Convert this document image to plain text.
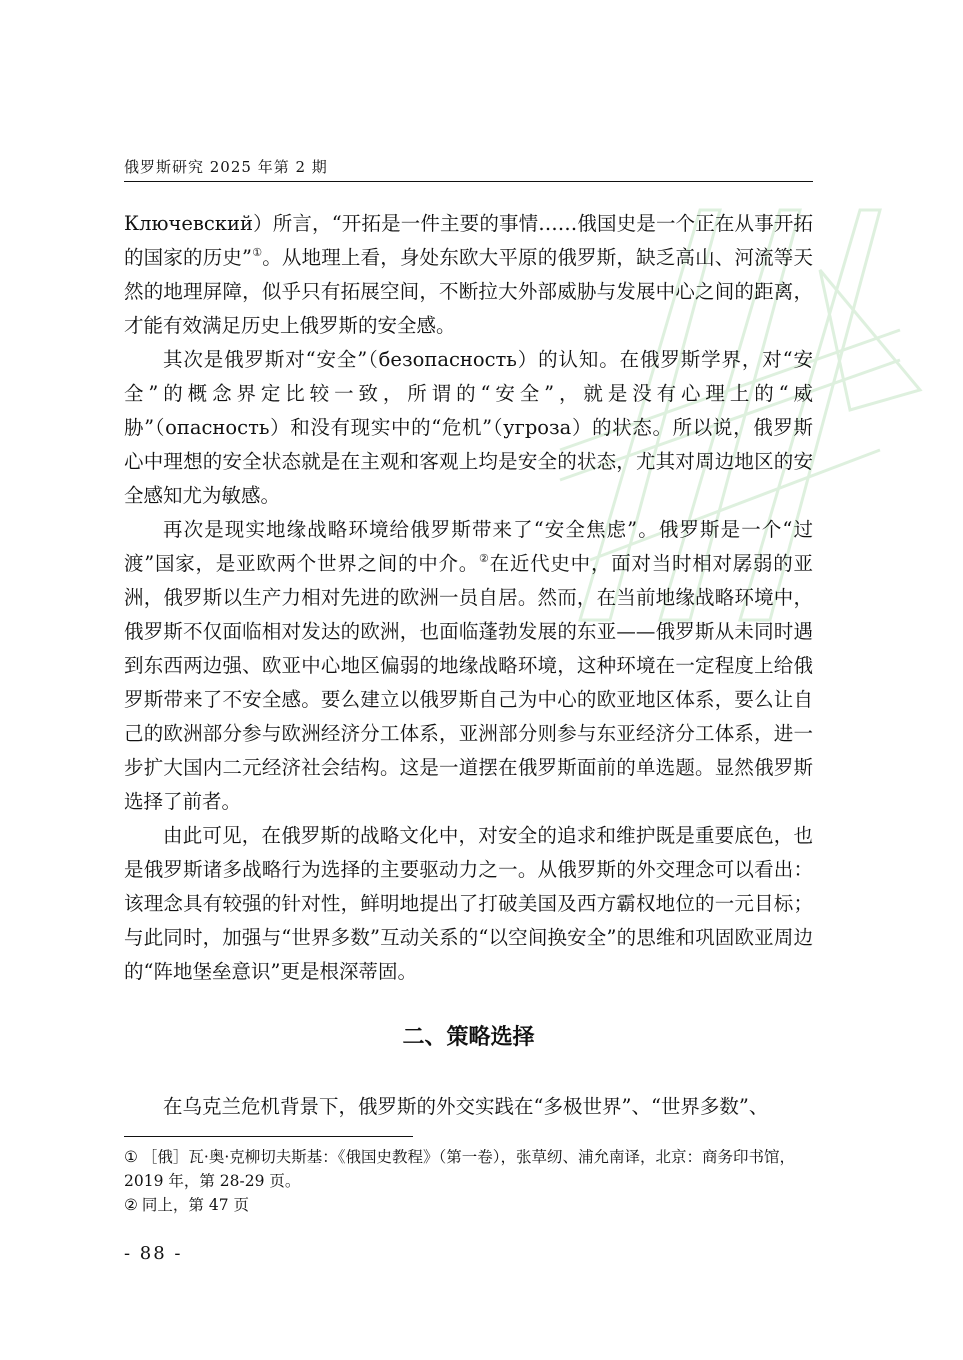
俄罗斯研究 2025 年第 2 期

Ключевский）所言，“开拓是一件主要的事情……俄国史是一个正在从事开拓的国家的历史”①。从地理上看，身处东欧大平原的俄罗斯，缺乏高山、河流等天然的地理屏障，似乎只有拓展空间，不断拉大外部威胁与发展中心之间的距离，才能有效满足历史上俄罗斯的安全感。

其次是俄罗斯对“安全”（безопасность）的认知。在俄罗斯学界，对“安全”的概念界定比较一致，所谓的“安全”，就是没有心理上的“威胁”（опасность）和没有现实中的“危机”（угроза）的状态。所以说，俄罗斯心中理想的安全状态就是在主观和客观上均是安全的状态，尤其对周边地区的安全感知尤为敏感。

再次是现实地缘战略环境给俄罗斯带来了“安全焦虑”。俄罗斯是一个“过渡”国家，是亚欧两个世界之间的中介。②在近代史中，面对当时相对孱弱的亚洲，俄罗斯以生产力相对先进的欧洲一员自居。然而，在当前地缘战略环境中，俄罗斯不仅面临相对发达的欧洲，也面临蓬勃发展的东亚——俄罗斯从未同时遇到东西两边强、欧亚中心地区偏弱的地缘战略环境，这种环境在一定程度上给俄罗斯带来了不安全感。要么建立以俄罗斯自己为中心的欧亚地区体系，要么让自己的欧洲部分参与欧洲经济分工体系，亚洲部分则参与东亚经济分工体系，进一步扩大国内二元经济社会结构。这是一道摆在俄罗斯面前的单选题。显然俄罗斯选择了前者。

由此可见，在俄罗斯的战略文化中，对安全的追求和维护既是重要底色，也是俄罗斯诸多战略行为选择的主要驱动力之一。从俄罗斯的外交理念可以看出：该理念具有较强的针对性，鲜明地提出了打破美国及西方霸权地位的一元目标；与此同时，加强与“世界多数”互动关系的“以空间换安全”的思维和巩固欧亚周边的“阵地堡垒意识”更是根深蒂固。

二、策略选择

在乌克兰危机背景下，俄罗斯的外交实践在“多极世界”、“世界多数”、

① ［俄］瓦·奥·克柳切夫斯基：《俄国史教程》（第一卷），张草纫、浦允南译，北京：商务印书馆，2019 年，第 28-29 页。

② 同上，第 47 页

- 88 -
